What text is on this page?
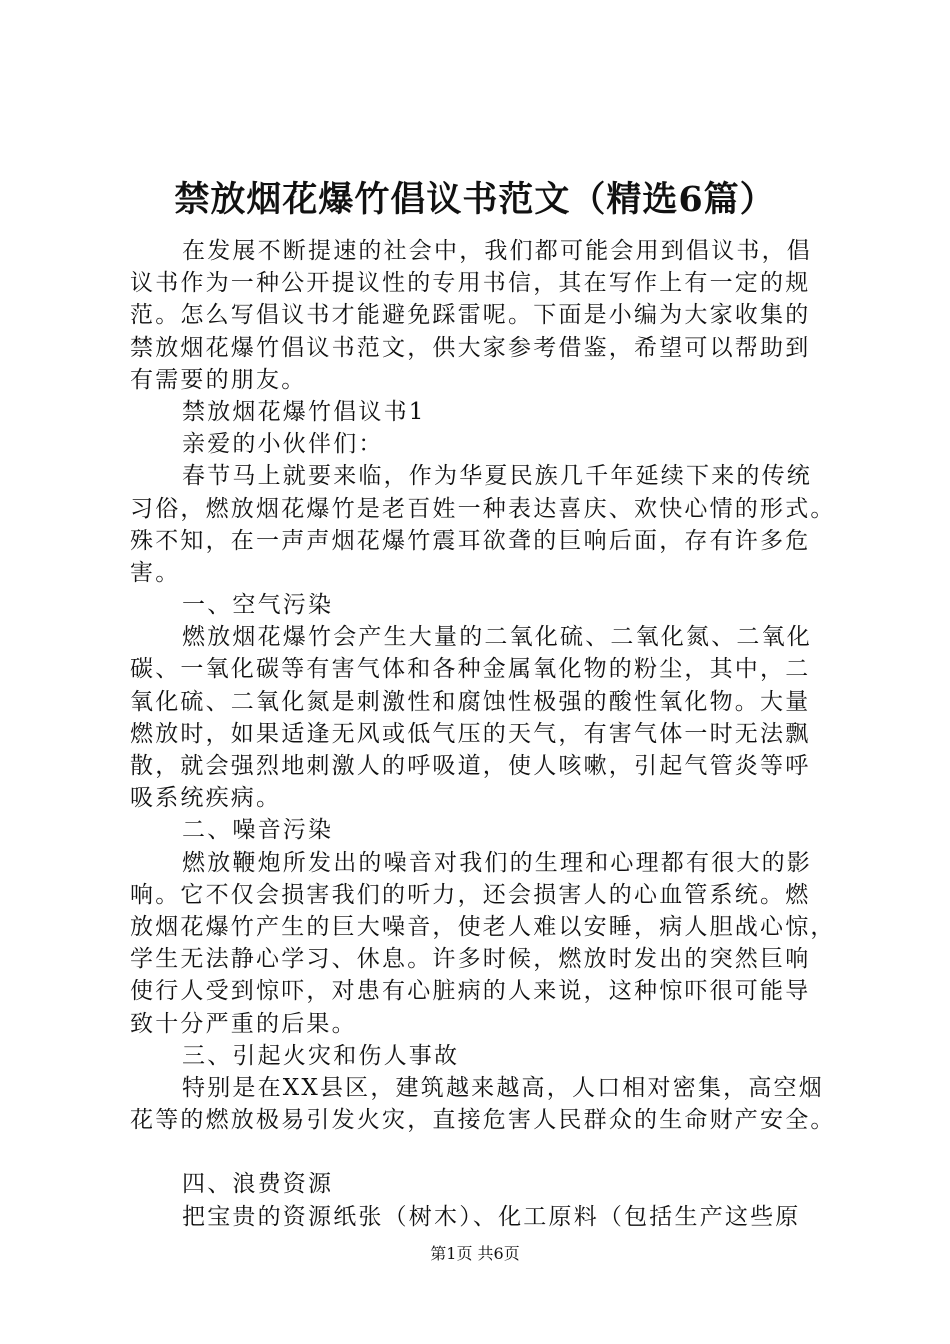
禁放烟花爆竹倡议书范文（精选6篇）
在发展不断提速的社会中，我们都可能会用到倡议书，倡
议书作为一种公开提议性的专用书信，其在写作上有一定的规
范。怎么写倡议书才能避免踩雷呢。下面是小编为大家收集的
禁放烟花爆竹倡议书范文，供大家参考借鉴，希望可以帮助到
有需要的朋友。
禁放烟花爆竹倡议书1
亲爱的小伙伴们：
春节马上就要来临，作为华夏民族几千年延续下来的传统
习俗，燃放烟花爆竹是老百姓一种表达喜庆、欢快心情的形式。
殊不知，在一声声烟花爆竹震耳欲聋的巨响后面，存有许多危
害。
一、空气污染
燃放烟花爆竹会产生大量的二氧化硫、二氧化氮、二氧化
碳、一氧化碳等有害气体和各种金属氧化物的粉尘，其中，二
氧化硫、二氧化氮是刺激性和腐蚀性极强的酸性氧化物。大量
燃放时，如果适逢无风或低气压的天气，有害气体一时无法飘
散，就会强烈地刺激人的呼吸道，使人咳嗽，引起气管炎等呼
吸系统疾病。
二、噪音污染
燃放鞭炮所发出的噪音对我们的生理和心理都有很大的影
响。它不仅会损害我们的听力，还会损害人的心血管系统。燃
放烟花爆竹产生的巨大噪音，使老人难以安睡，病人胆战心惊，
学生无法静心学习、休息。许多时候，燃放时发出的突然巨响
使行人受到惊吓，对患有心脏病的人来说，这种惊吓很可能导
致十分严重的后果。
三、引起火灾和伤人事故
特别是在XX县区，建筑越来越高，人口相对密集，高空烟
花等的燃放极易引发火灾，直接危害人民群众的生命财产安全。
四、浪费资源
把宝贵的资源纸张（树木）、化工原料（包括生产这些原
第1页 共6页
